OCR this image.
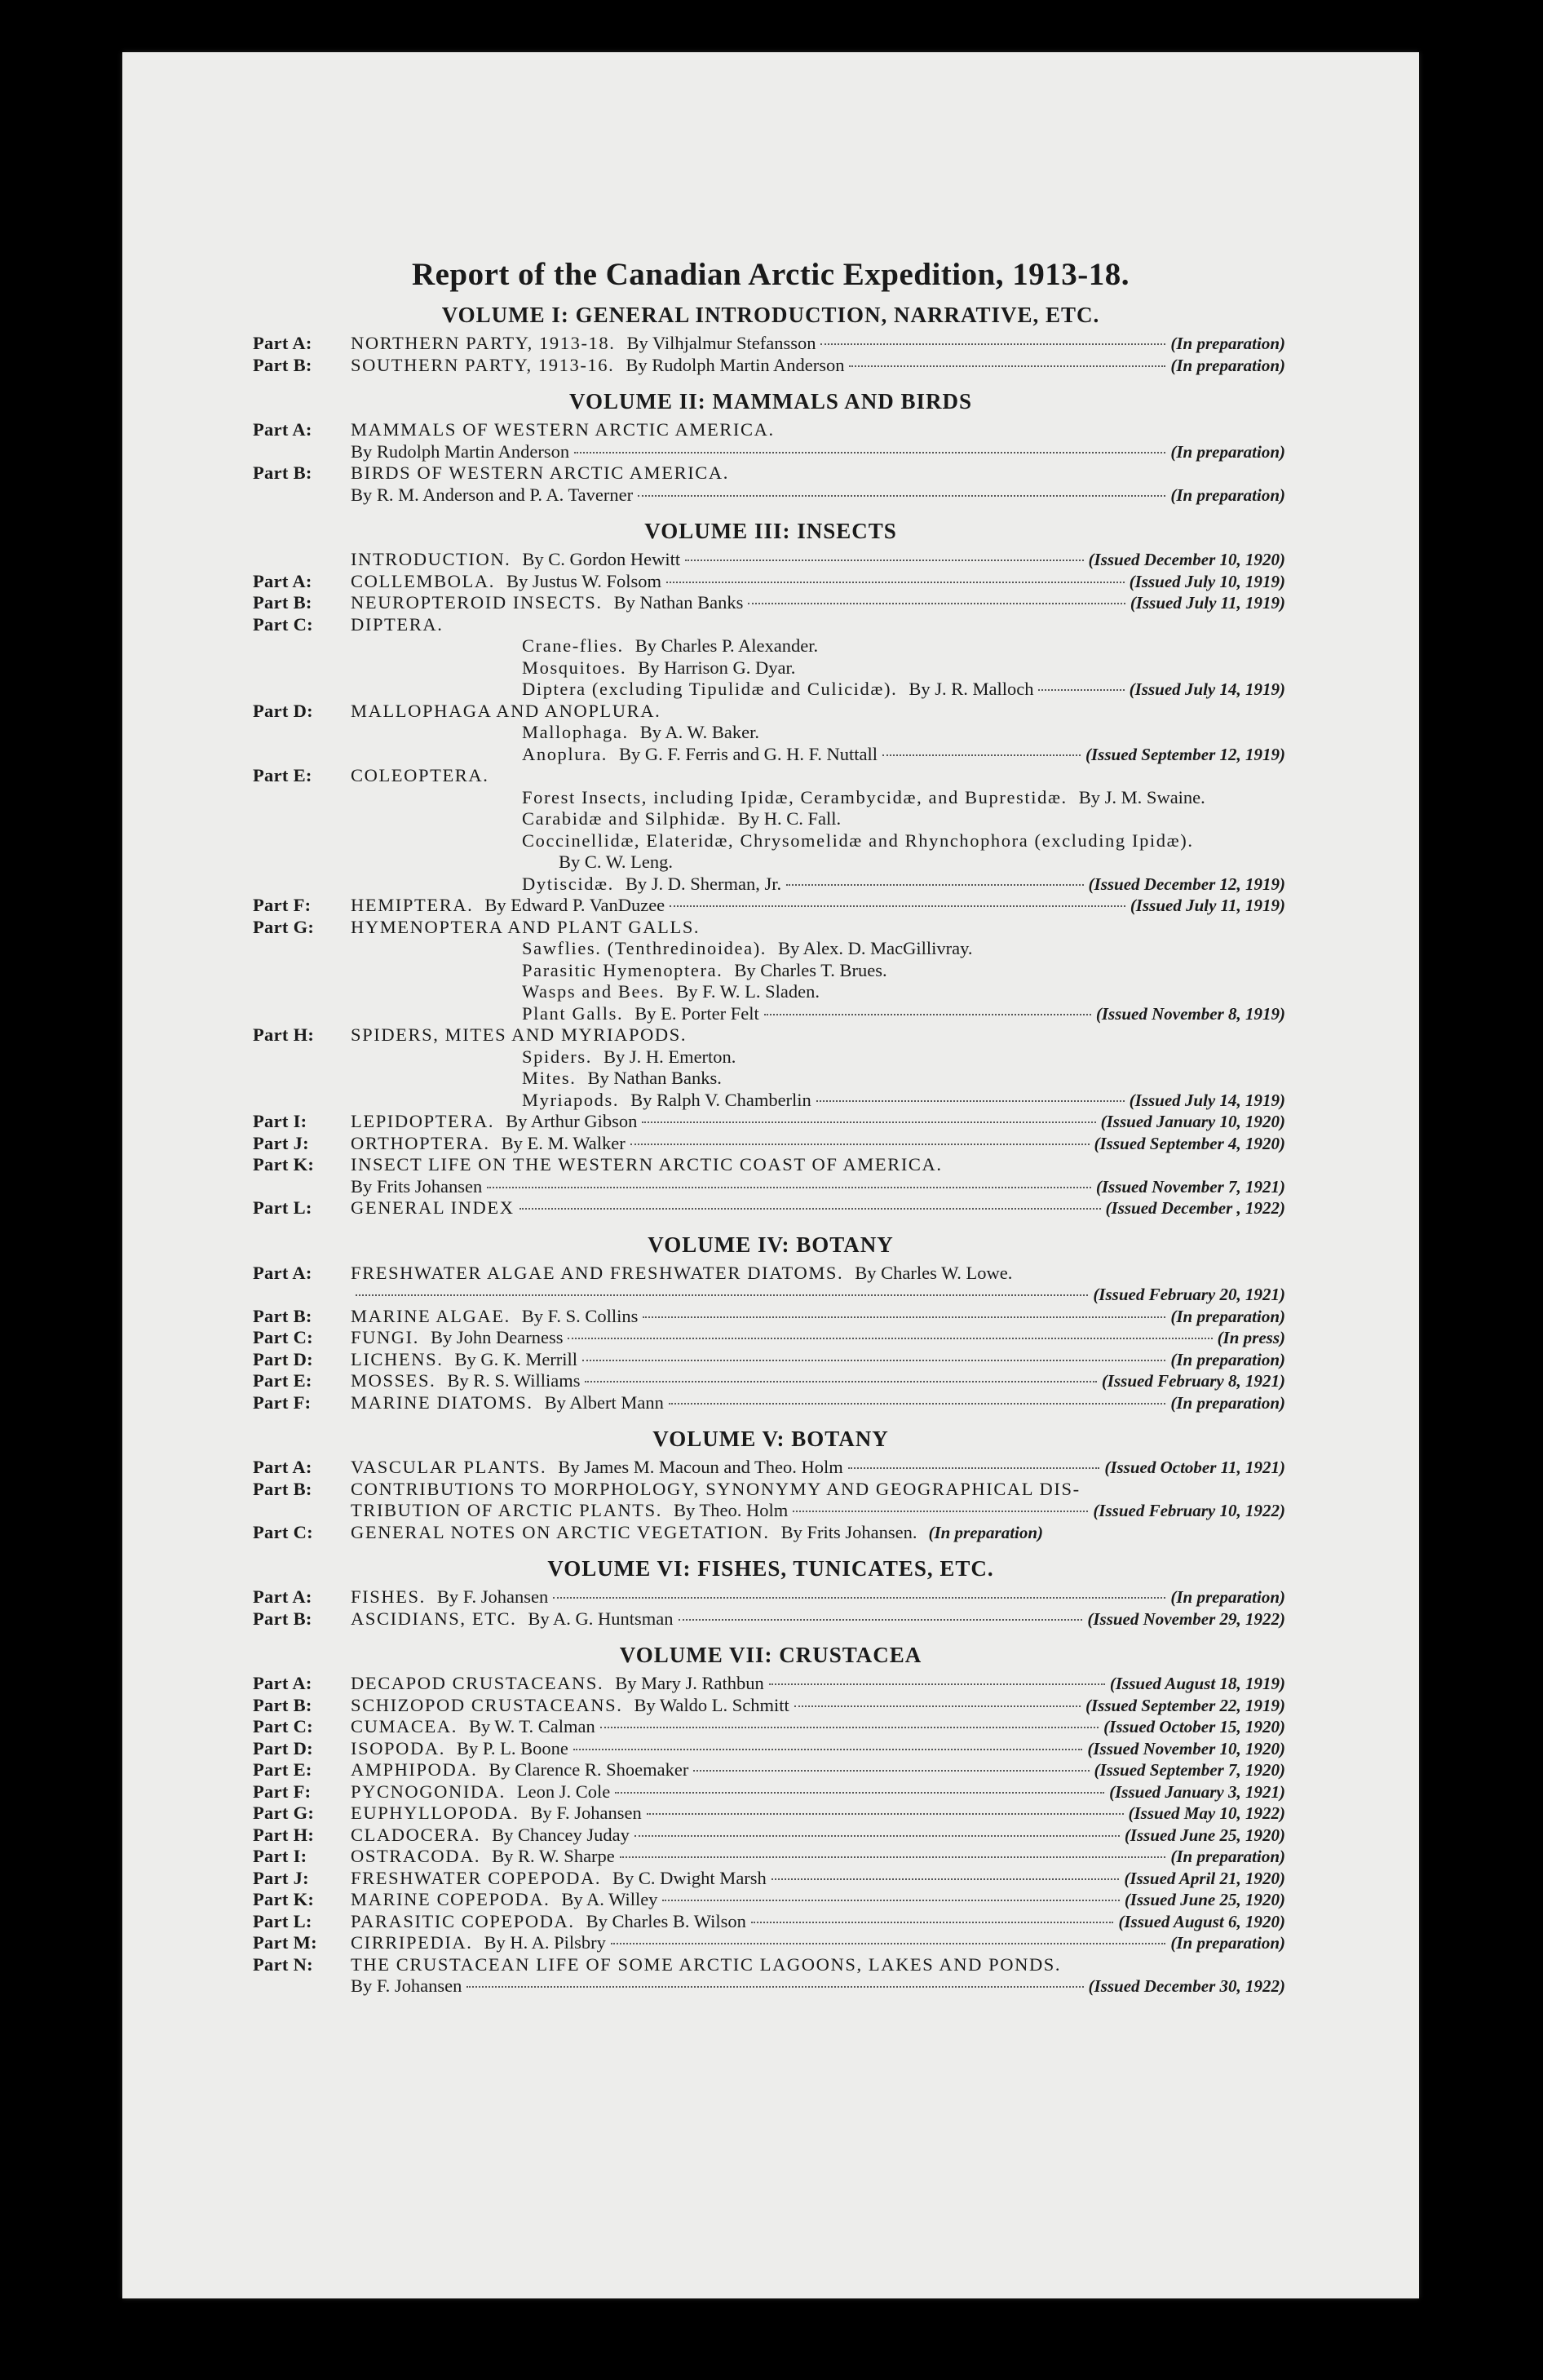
Report of the Canadian Arctic Expedition, 1913-18.
VOLUME I: GENERAL INTRODUCTION, NARRATIVE, ETC.
Part A:	NORTHERN PARTY, 1913-18. By Vilhjalmur Stefansson	(In preparation)
Part B:	SOUTHERN PARTY, 1913-16. By Rudolph Martin Anderson	(In preparation)
VOLUME II: MAMMALS AND BIRDS
Part A:	MAMMALS OF WESTERN ARCTIC AMERICA.
By Rudolph Martin Anderson	(In preparation)
Part B:	BIRDS OF WESTERN ARCTIC AMERICA.
By R. M. Anderson and P. A. Taverner	(In preparation)
VOLUME III: INSECTS
INTRODUCTION. By C. Gordon Hewitt	(Issued December 10, 1920)
Part A:	COLLEMBOLA. By Justus W. Folsom	(Issued July 10, 1919)
Part B:	NEUROPTEROID INSECTS. By Nathan Banks	(Issued July 11, 1919)
Part C:	DIPTERA.
Crane-flies. By Charles P. Alexander.
Mosquitoes. By Harrison G. Dyar.
Diptera (excluding Tipulidæ and Culicidæ). By J. R. Malloch	(Issued July 14, 1919)
Part D:	MALLOPHAGA AND ANOPLURA.
Mallophaga. By A. W. Baker.
Anoplura. By G. F. Ferris and G. H. F. Nuttall	(Issued September 12, 1919)
Part E:	COLEOPTERA.
Forest Insects, including Ipidæ, Cerambycidæ, and Buprestidæ. By J. M. Swaine.
Carabidæ and Silphidæ. By H. C. Fall.
Coccinellidæ, Elateridæ, Chrysomelidæ and Rhynchophora (excluding Ipidæ).
By C. W. Leng.
Dytiscidæ. By J. D. Sherman, Jr.	(Issued December 12, 1919)
Part F:	HEMIPTERA. By Edward P. VanDuzee	(Issued July 11, 1919)
Part G:	HYMENOPTERA AND PLANT GALLS.
Sawflies. (Tenthredinoidea). By Alex. D. MacGillivray.
Parasitic Hymenoptera. By Charles T. Brues.
Wasps and Bees. By F. W. L. Sladen.
Plant Galls. By E. Porter Felt	(Issued November 8, 1919)
Part H:	SPIDERS, MITES AND MYRIAPODS.
Spiders. By J. H. Emerton.
Mites. By Nathan Banks.
Myriapods. By Ralph V. Chamberlin	(Issued July 14, 1919)
Part I:	LEPIDOPTERA. By Arthur Gibson	(Issued January 10, 1920)
Part J:	ORTHOPTERA. By E. M. Walker	(Issued September 4, 1920)
Part K:	INSECT LIFE ON THE WESTERN ARCTIC COAST OF AMERICA.
By Frits Johansen	(Issued November 7, 1921)
Part L:	GENERAL INDEX	(Issued December , 1922)
VOLUME IV: BOTANY
Part A:	FRESHWATER ALGAE AND FRESHWATER DIATOMS. By Charles W. Lowe.
(Issued February 20, 1921)
Part B:	MARINE ALGAE. By F. S. Collins	(In preparation)
Part C:	FUNGI. By John Dearness	(In press)
Part D:	LICHENS. By G. K. Merrill	(In preparation)
Part E:	MOSSES. By R. S. Williams	(Issued February 8, 1921)
Part F:	MARINE DIATOMS. By Albert Mann	(In preparation)
VOLUME V: BOTANY
Part A:	VASCULAR PLANTS. By James M. Macoun and Theo. Holm	(Issued October 11, 1921)
Part B:	CONTRIBUTIONS TO MORPHOLOGY, SYNONYMY AND GEOGRAPHICAL DIS-
TRIBUTION OF ARCTIC PLANTS. By Theo. Holm	(Issued February 10, 1922)
Part C:	GENERAL NOTES ON ARCTIC VEGETATION. By Frits Johansen. (In preparation)
VOLUME VI: FISHES, TUNICATES, ETC.
Part A:	FISHES. By F. Johansen	(In preparation)
Part B:	ASCIDIANS, ETC. By A. G. Huntsman	(Issued November 29, 1922)
VOLUME VII: CRUSTACEA
Part A:	DECAPOD CRUSTACEANS. By Mary J. Rathbun	(Issued August 18, 1919)
Part B:	SCHIZOPOD CRUSTACEANS. By Waldo L. Schmitt	(Issued September 22, 1919)
Part C:	CUMACEA. By W. T. Calman	(Issued October 15, 1920)
Part D:	ISOPODA. By P. L. Boone	(Issued November 10, 1920)
Part E:	AMPHIPODA. By Clarence R. Shoemaker	(Issued September 7, 1920)
Part F:	PYCNOGONIDA. Leon J. Cole	(Issued January 3, 1921)
Part G:	EUPHYLLOPODA. By F. Johansen	(Issued May 10, 1922)
Part H:	CLADOCERA. By Chancey Juday	(Issued June 25, 1920)
Part I:	OSTRACODA. By R. W. Sharpe	(In preparation)
Part J:	FRESHWATER COPEPODA. By C. Dwight Marsh	(Issued April 21, 1920)
Part K:	MARINE COPEPODA. By A. Willey	(Issued June 25, 1920)
Part L:	PARASITIC COPEPODA. By Charles B. Wilson	(Issued August 6, 1920)
Part M:	CIRRIPEDIA. By H. A. Pilsbry	(In preparation)
Part N:	THE CRUSTACEAN LIFE OF SOME ARCTIC LAGOONS, LAKES AND PONDS.
By F. Johansen	(Issued December 30, 1922)
